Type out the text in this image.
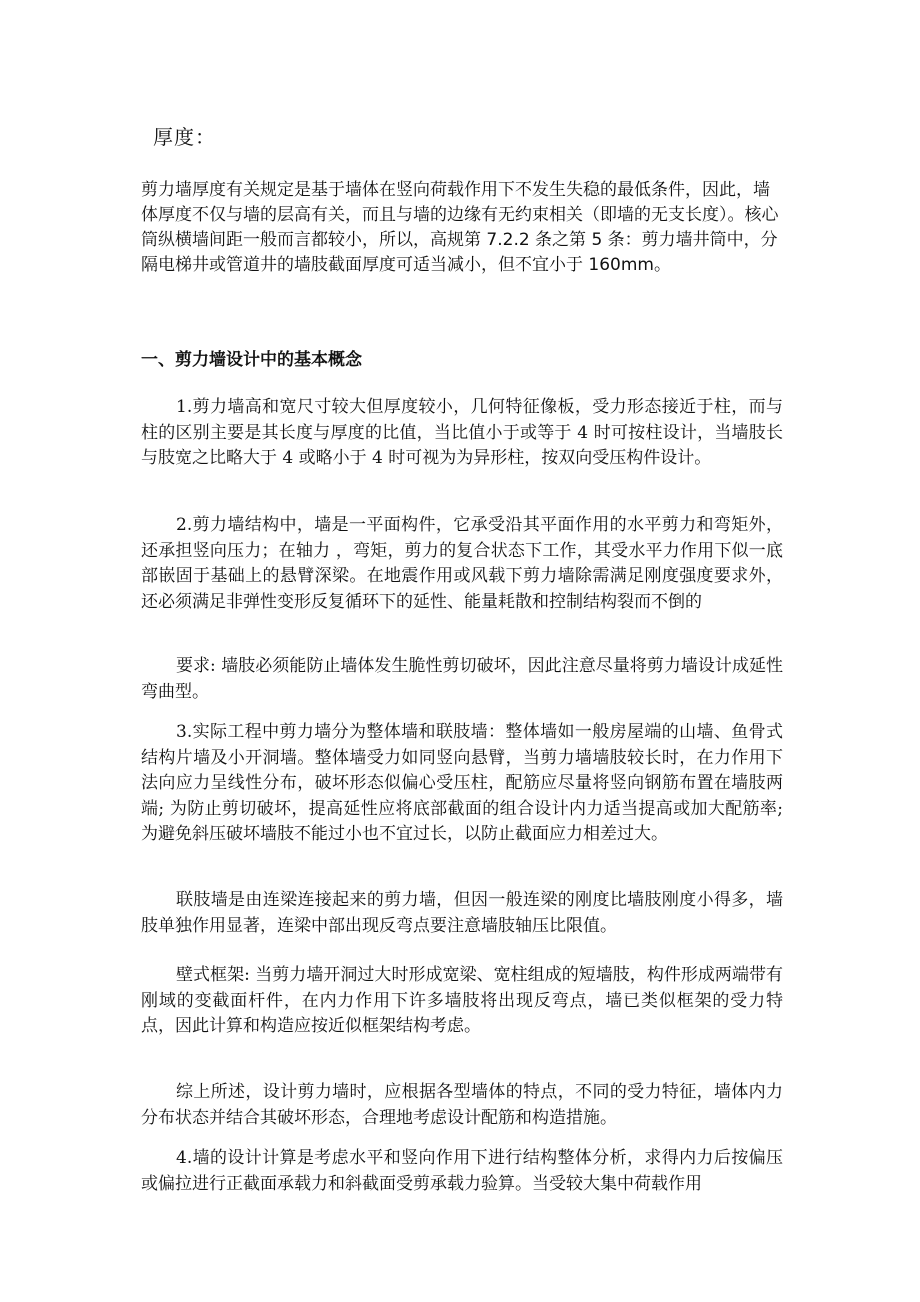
厚度：

剪力墙厚度有关规定是基于墙体在竖向荷载作用下不发生失稳的最低条件，因此，墙体厚度不仅与墙的层高有关，而且与墙的边缘有无约束相关（即墙的无支长度）。核心筒纵横墙间距一般而言都较小，所以，高规第 7.2.2 条之第 5 条：剪力墙井筒中，分隔电梯井或管道井的墙肢截面厚度可适当减小，但不宜小于 160mm。

一、剪力墙设计中的基本概念

1.剪力墙高和宽尺寸较大但厚度较小，几何特征像板，受力形态接近于柱，而与柱的区别主要是其长度与厚度的比值，当比值小于或等于 4 时可按柱设计，当墙肢长与肢宽之比略大于 4 或略小于 4 时可视为为异形柱，按双向受压构件设计。

2.剪力墙结构中，墙是一平面构件，它承受沿其平面作用的水平剪力和弯矩外，还承担竖向压力；在轴力 ，弯矩，剪力的复合状态下工作，其受水平力作用下似一底部嵌固于基础上的悬臂深梁。在地震作用或风载下剪力墙除需满足刚度强度要求外，还必须满足非弹性变形反复循环下的延性、能量耗散和控制结构裂而不倒的

要求: 墙肢必须能防止墙体发生脆性剪切破坏，因此注意尽量将剪力墙设计成延性弯曲型。

3.实际工程中剪力墙分为整体墙和联肢墙：整体墙如一般房屋端的山墙、鱼骨式结构片墙及小开洞墙。整体墙受力如同竖向悬臂，当剪力墙墙肢较长时，在力作用下法向应力呈线性分布，破坏形态似偏心受压柱，配筋应尽量将竖向钢筋布置在墙肢两端; 为防止剪切破坏，提高延性应将底部截面的组合设计内力适当提高或加大配筋率; 为避免斜压破坏墙肢不能过小也不宜过长，以防止截面应力相差过大。

联肢墙是由连梁连接起来的剪力墙，但因一般连梁的刚度比墙肢刚度小得多，墙肢单独作用显著，连梁中部出现反弯点要注意墙肢轴压比限值。

壁式框架: 当剪力墙开洞过大时形成宽梁、宽柱组成的短墙肢，构件形成两端带有刚域的变截面杆件，在内力作用下许多墙肢将出现反弯点，墙已类似框架的受力特点，因此计算和构造应按近似框架结构考虑。

综上所述，设计剪力墙时，应根据各型墙体的特点，不同的受力特征，墙体内力分布状态并结合其破坏形态，合理地考虑设计配筋和构造措施。

4.墙的设计计算是考虑水平和竖向作用下进行结构整体分析，求得内力后按偏压或偏拉进行正截面承载力和斜截面受剪承载力验算。当受较大集中荷载作用
